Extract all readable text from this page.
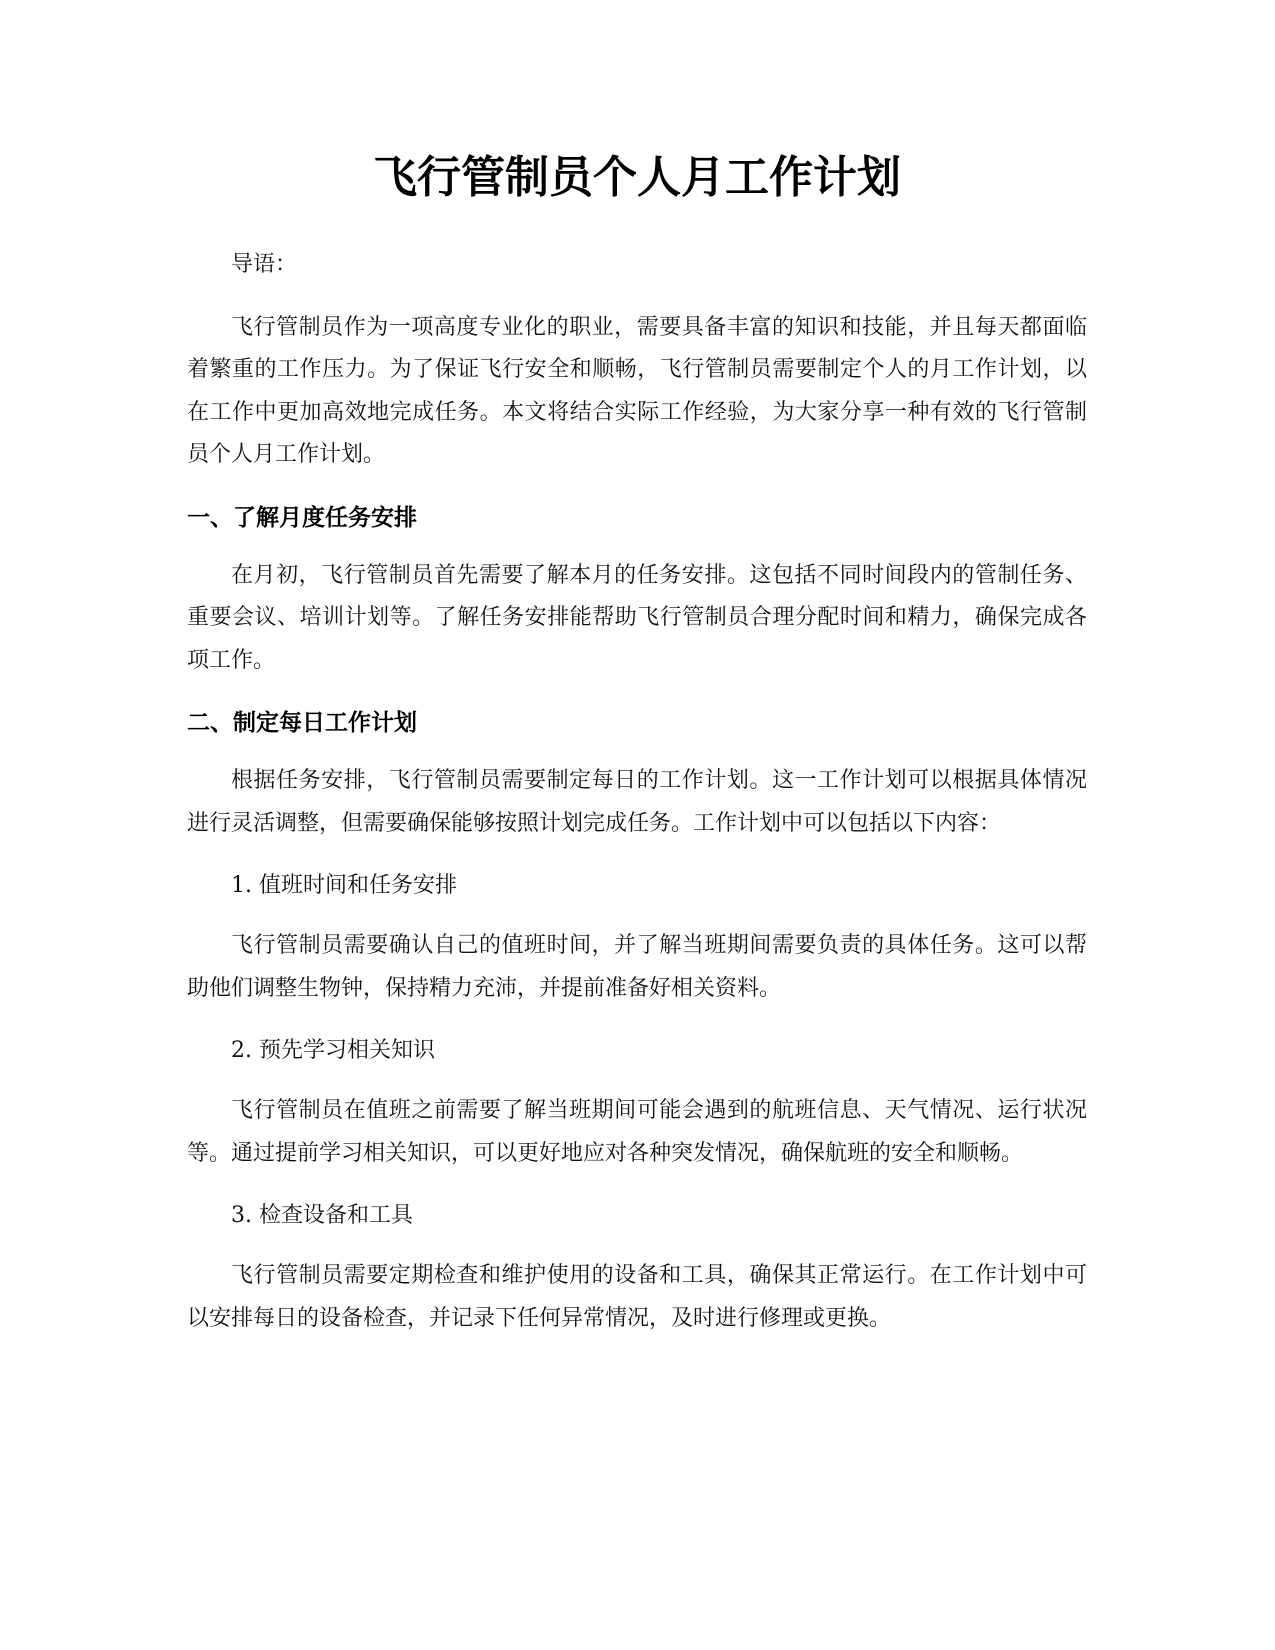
飞行管制员个人月工作计划

导语：

飞行管制员作为一项高度专业化的职业，需要具备丰富的知识和技能，并且每天都面临着繁重的工作压力。为了保证飞行安全和顺畅，飞行管制员需要制定个人的月工作计划，以在工作中更加高效地完成任务。本文将结合实际工作经验，为大家分享一种有效的飞行管制员个人月工作计划。

一、了解月度任务安排

在月初，飞行管制员首先需要了解本月的任务安排。这包括不同时间段内的管制任务、重要会议、培训计划等。了解任务安排能帮助飞行管制员合理分配时间和精力，确保完成各项工作。

二、制定每日工作计划

根据任务安排，飞行管制员需要制定每日的工作计划。这一工作计划可以根据具体情况进行灵活调整，但需要确保能够按照计划完成任务。工作计划中可以包括以下内容：

1. 值班时间和任务安排

飞行管制员需要确认自己的值班时间，并了解当班期间需要负责的具体任务。这可以帮助他们调整生物钟，保持精力充沛，并提前准备好相关资料。

2. 预先学习相关知识

飞行管制员在值班之前需要了解当班期间可能会遇到的航班信息、天气情况、运行状况等。通过提前学习相关知识，可以更好地应对各种突发情况，确保航班的安全和顺畅。

3. 检查设备和工具

飞行管制员需要定期检查和维护使用的设备和工具，确保其正常运行。在工作计划中可以安排每日的设备检查，并记录下任何异常情况，及时进行修理或更换。
